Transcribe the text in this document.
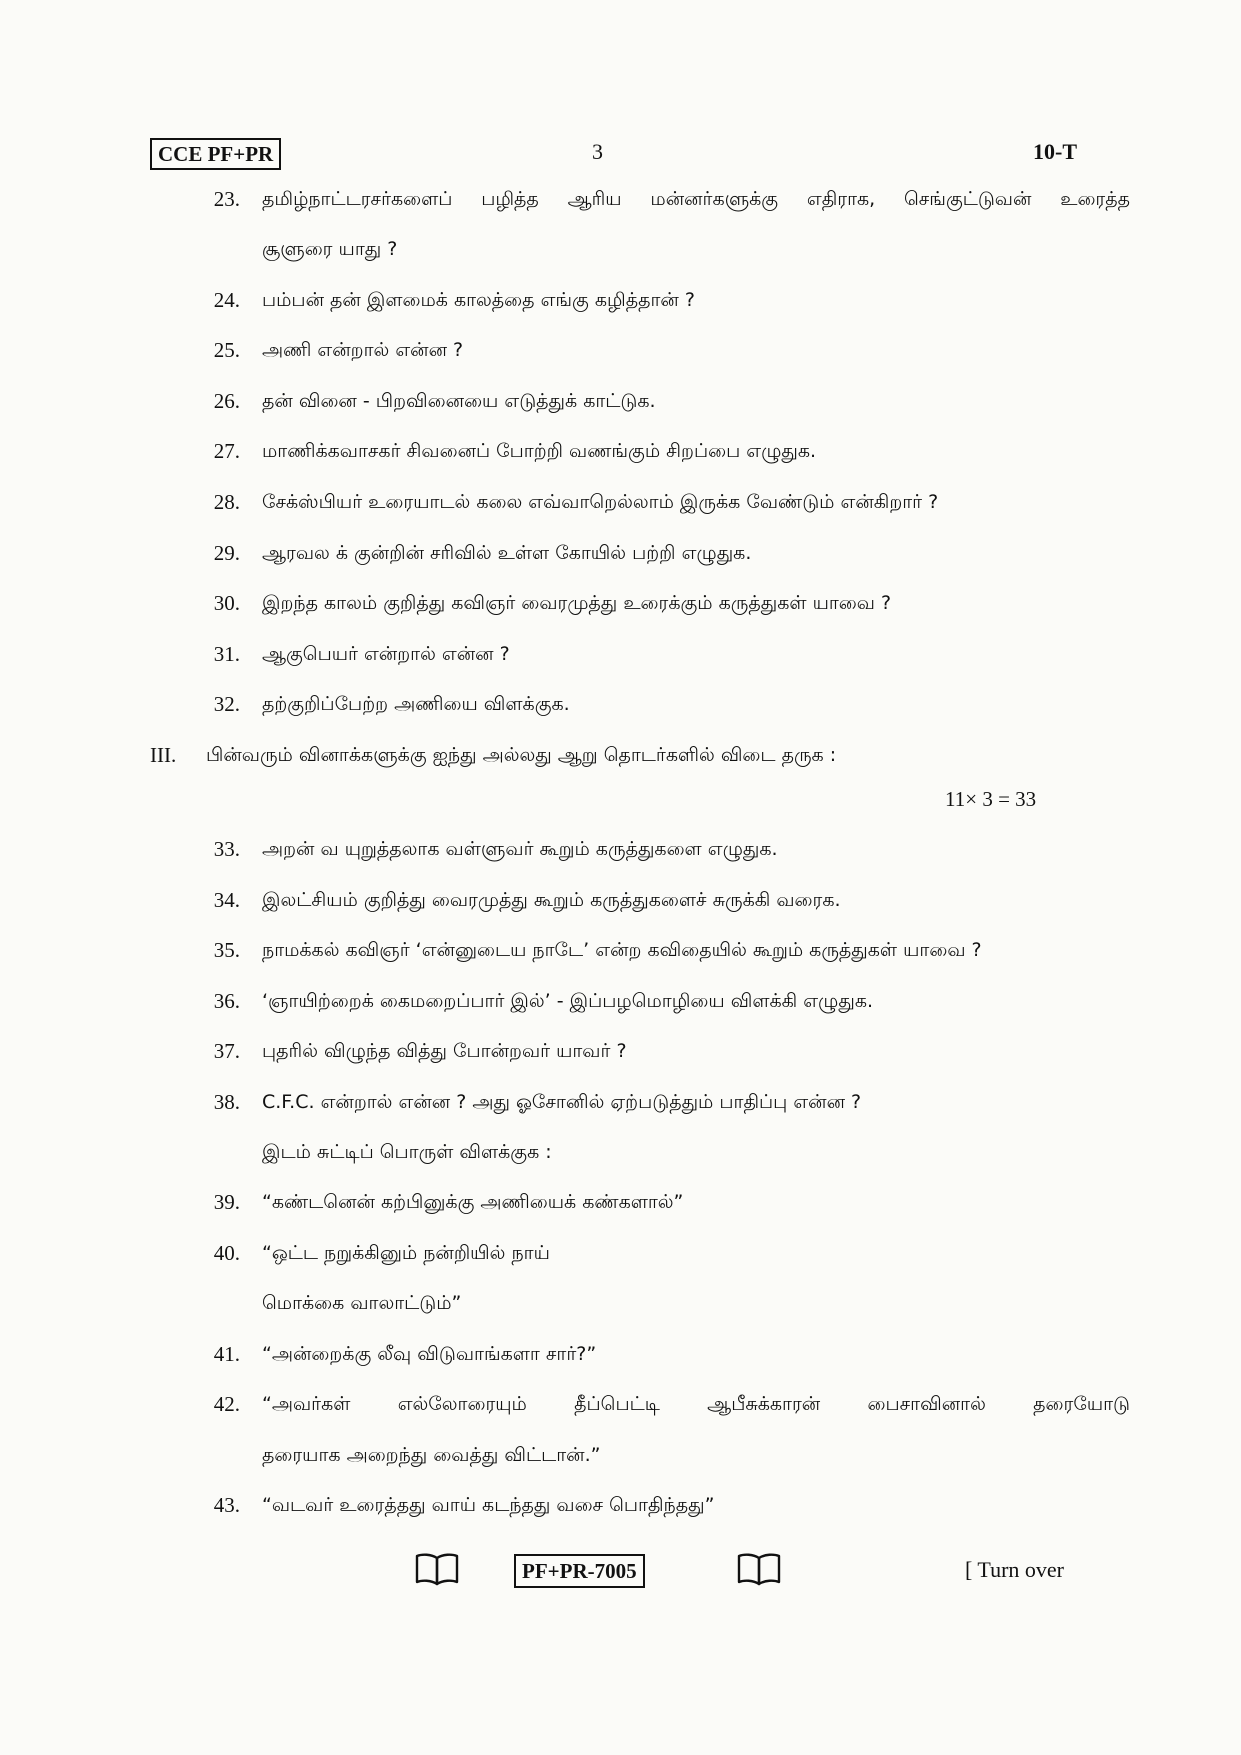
CCE PF+PR	3	10-T
23. தமிழ்நாட்டரசர்களைப் பழித்த ஆரிய மன்னர்களுக்கு எதிராக, செங்குட்டுவன் உரைத்த
சூளுரை யாது ?
24. பம்பன் தன் இளமைக் காலத்தை எங்கு கழித்தான் ?
25. அணி என்றால் என்ன ?
26. தன் வினை - பிறவினையை எடுத்துக் காட்டுக.
27. மாணிக்கவாசகர் சிவனைப் போற்றி வணங்கும் சிறப்பை எழுதுக.
28. சேக்ஸ்பியர் உரையாடல் கலை எவ்வாறெல்லாம் இருக்க வேண்டும் என்கிறார் ?
29. ஆரவல க் குன்றின் சரிவில் உள்ள கோயில் பற்றி எழுதுக.
30. இறந்த காலம் குறித்து கவிஞர் வைரமுத்து உரைக்கும் கருத்துகள் யாவை ?
31. ஆகுபெயர் என்றால் என்ன ?
32. தற்குறிப்பேற்ற அணியை விளக்குக.
III. பின்வரும் வினாக்களுக்கு ஐந்து அல்லது ஆறு தொடர்களில் விடை தருக :
11× 3 = 33
33. அறன் வ யுறுத்தலாக வள்ளுவர் கூறும் கருத்துகளை எழுதுக.
34. இலட்சியம் குறித்து வைரமுத்து கூறும் கருத்துகளைச் சுருக்கி வரைக.
35. நாமக்கல் கவிஞர் ‘என்னுடைய நாடே’ என்ற கவிதையில் கூறும் கருத்துகள் யாவை ?
36. ‘ஞாயிற்றைக் கைமறைப்பார் இல்’ - இப்பழமொழியை விளக்கி எழுதுக.
37. புதரில் விழுந்த வித்து போன்றவர் யாவர் ?
38. C.F.C. என்றால் என்ன ? அது ஓசோனில் ஏற்படுத்தும் பாதிப்பு என்ன ?
இடம் சுட்டிப் பொருள் விளக்குக :
39. “கண்டனென் கற்பினுக்கு அணியைக் கண்களால்”
40. “ஒட்ட நறுக்கினும் நன்றியில் நாய்
மொக்கை வாலாட்டும்”
41. “அன்றைக்கு லீவு விடுவாங்களா சார்?”
42. “அவர்கள் எல்லோரையும் தீப்பெட்டி ஆபீசுக்காரன் பைசாவினால் தரையோடு
தரையாக அறைந்து வைத்து விட்டான்.”
43. “வடவர் உரைத்தது வாய் கடந்தது வசை பொதிந்தது”
PF+PR-7005	[ Turn over
